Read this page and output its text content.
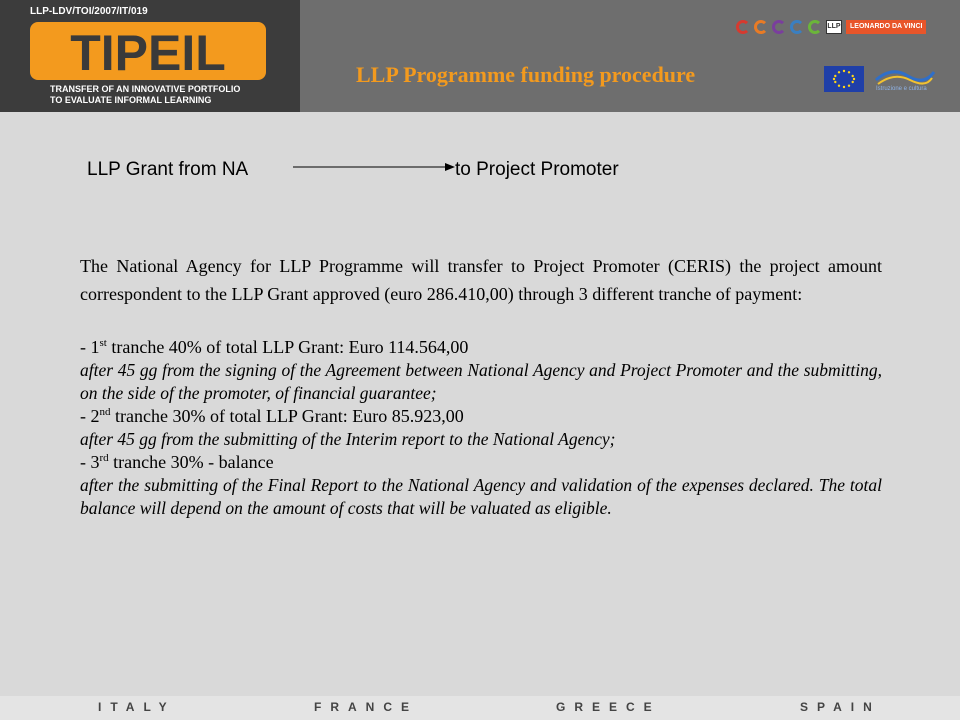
LLP-LDV/TOI/2007/IT/019
TIPEIL
TRANSFER OF AN INNOVATIVE PORTFOLIO
TO EVALUATE INFORMAL LEARNING
LLP	LEONARDO DA VINCI
LLP Programme funding procedure
Istruzione e cultura
LLP Grant from NA	to Project Promoter

The National Agency for LLP Programme will transfer to Project Promoter (CERIS) the project amount correspondent to the LLP Grant approved (euro 286.410,00) through 3 different tranche of payment:

- 1st tranche 40% of total LLP Grant: Euro 114.564,00

after 45 gg from the signing of the Agreement between National Agency and Project Promoter and the submitting, on the side of the promoter, of financial guarantee;

- 2nd tranche 30% of total LLP Grant: Euro 85.923,00

after 45 gg from the submitting of the Interim report to the National Agency;

- 3rd tranche 30% - balance

after the submitting of the Final Report to the National Agency and validation of the expenses declared. The total balance will depend on the amount of costs that will be valuated as eligible.

ITALY	FRANCE	GREECE	SPAIN
